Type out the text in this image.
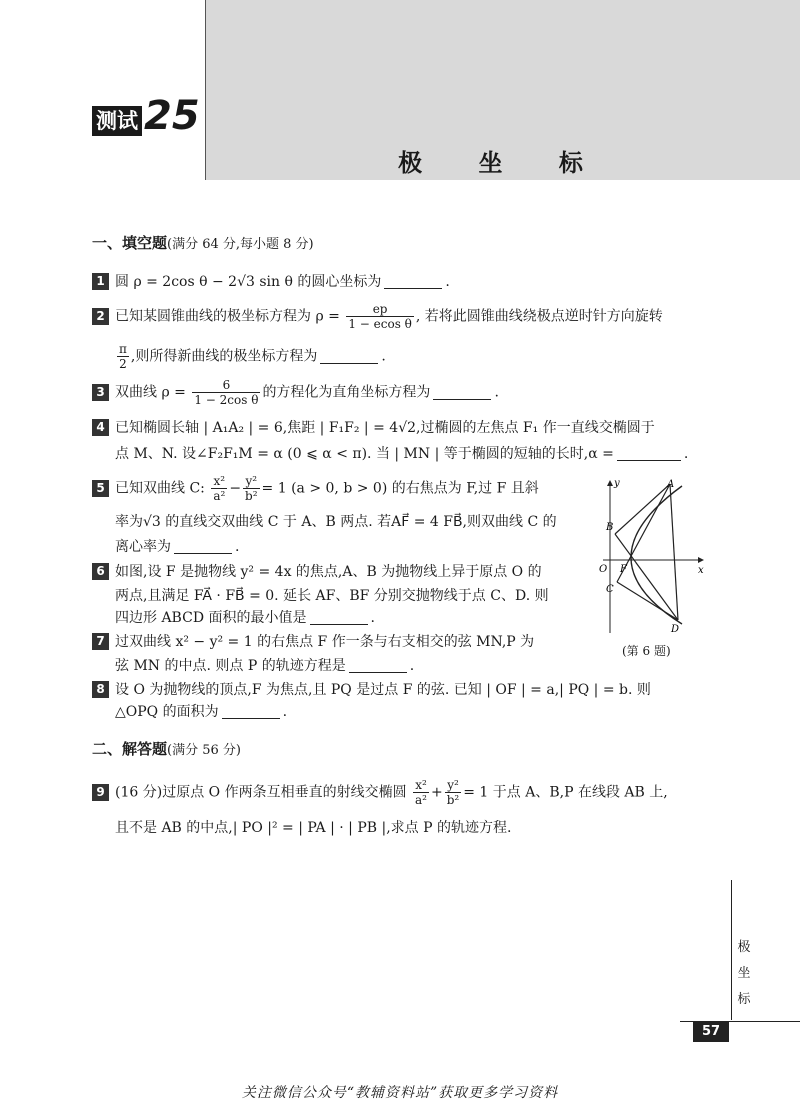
极 坐 标
测试 25
一、填空题(满分 64 分,每小题 8 分)
1 圆 ρ = 2cos θ − 2√3 sin θ 的圆心坐标为	.
2 已知某圆锥曲线的极坐标方程为 $\rho = \frac{ep}{\text{1 − ecos θ}}$ , 若将此圆锥曲线绕极点逆时针方向旋转
$\frac{\pi}{2}$ ,则所得新曲线的极坐标方程为	.
3 双曲线 $\rho = \frac{6}{\text{1 − 2cos θ}}$ 的方程化为直角坐标方程为	.
4 已知椭圆长轴 | A₁A₂ | = 6,焦距 | F₁F₂ | = 4√2,过椭圆的左焦点 F₁ 作一直线交椭圆于
点 M、N. 设∠F₂F₁M = α (0 ⩽ α < π). 当 | MN | 等于椭圆的短轴的长时,α =	.
5 已知双曲线 C: $\frac{\text{x²}}{\text{a²}} - \frac{\text{y²}}{\text{b²}} = 1$ (a > 0, b > 0) 的右焦点为 F,过 F 且斜
率为√3 的直线交双曲线 C 于 A、B 两点. 若AF⃗ = 4 FB⃗,则双曲线 C 的
离心率为	.
6 如图,设 F 是抛物线 y² = 4x 的焦点,A、B 为抛物线上异于原点 O 的
两点,且满足 FA⃗ · FB⃗ = 0. 延长 AF、BF 分别交抛物线于点 C、D. 则
四边形 ABCD 面积的最小值是	.
7 过双曲线 x² − y² = 1 的右焦点 F 作一条与右支相交的弦 MN,P 为
弦 MN 的中点. 则点 P 的轨迹方程是	.
8 设 O 为抛物线的顶点,F 为焦点,且 PQ 是过点 F 的弦. 已知 | OF | = a,| PQ | = b. 则
△OPQ 的面积为	.
二、解答题(满分 56 分)
9 (16 分)过原点 O 作两条互相垂直的射线交椭圆 $\frac{\text{x²}}{\text{a²}} + \frac{\text{y²}}{\text{b²}} = 1$ 于点 A、B,P 在线段 AB 上,
且不是 AB 的中点,| PO |² = | PA | · | PB |,求点 P 的轨迹方程.
y
x
O F
A
B
C
D
(第 6 题)
极
坐
标
57
关注微信公众号“教辅资料站”获取更多学习资料
